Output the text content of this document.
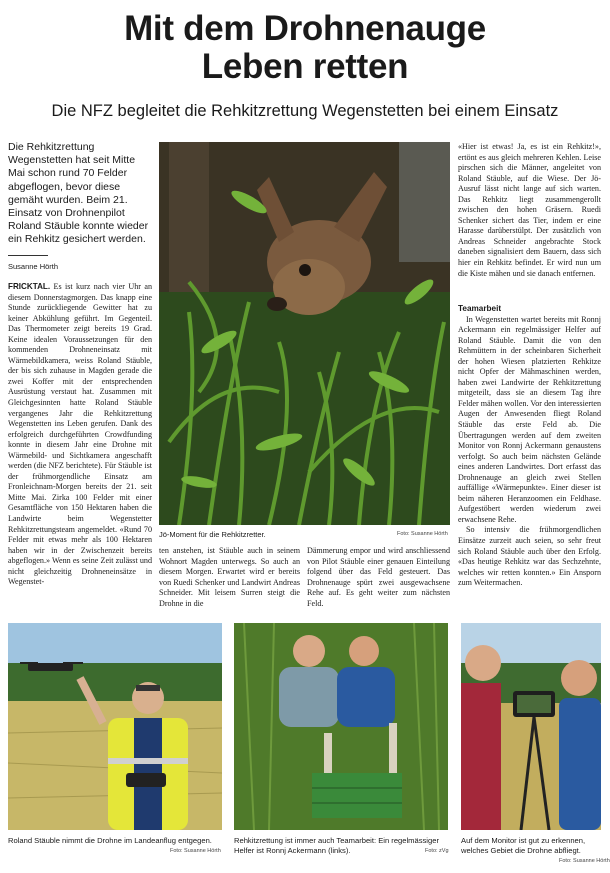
Mit dem Drohnenauge
Leben retten
Die NFZ begleitet die Rehkitzrettung Wegenstetten bei einem Einsatz
Die Rehkitzrettung Wegenstetten hat seit Mitte Mai schon rund 70 Felder abgeflogen, bevor diese gemäht wurden. Beim 21. Einsatz von Drohnenpilot Roland Stäuble konnte wieder ein Rehkitz gesichert werden.
Susanne Hörth
FRICKTAL. Es ist kurz nach vier Uhr an diesem Donnerstagmorgen. Das knapp eine Stunde zurückliegende Gewitter hat zu keiner Abkühlung geführt. Im Gegenteil. Das Thermometer zeigt bereits 19 Grad. Keine idealen Voraussetzungen für den kommenden Drohneneinsatz mit Wärmebildkamera, weiss Roland Stäuble, der bis sich zuhause in Magden gerade die zwei Koffer mit der entsprechenden Ausrüstung verstaut hat. Zusammen mit Gleichgesinnten hatte Roland Stäuble vergangenes Jahr die Rehkitzrettung Wegenstetten ins Leben gerufen. Dank des erfolgreich durchgeführten Crowdfunding konnte in diesem Jahr eine Drohne mit Wärmebild- und Sichtkamera angeschafft werden (die NFZ berichtete). Für Stäuble ist der frühmorgendliche Einsatz am Fronleichnam-Morgen bereits der 21. seit Mitte Mai. Zirka 100 Felder mit einer Gesamtfläche von 150 Hektaren haben die Landwirte beim Wegenstetter Rehkitzrettungsteam angemeldet. «Rund 70 Felder mit etwas mehr als 100 Hektaren haben wir in der Zwischenzeit bereits abgeflogen.» Wenn es seine Zeit zulässt und nicht gleichzeitig Drohneneinsätze in Wegenstet-
Jö-Moment für die Rehkitzretter.	Foto: Susanne Hörth
ten anstehen, ist Stäuble auch in seinem Wohnort Magden unterwegs. So auch an diesem Morgen. Erwartet wird er bereits von Ruedi Schenker und Landwirt Andreas Schneider. Mit leisem Surren steigt die Drohne in die
Dämmerung empor und wird anschliessend von Pilot Stäuble einer genauen Einteilung folgend über das Feld gesteuert. Das Drohnenauge spürt zwei ausgewachsene Rehe auf. Es geht weiter zum nächsten Feld.
«Hier ist etwas! Ja, es ist ein Rehkitz!», ertönt es aus gleich mehreren Kehlen. Leise pirschen sich die Männer, angeleitet von Roland Stäuble, auf die Wiese. Der Jö-Ausruf lässt nicht lange auf sich warten. Das Rehkitz liegt zusammengerollt zwischen den hohen Gräsern. Ruedi Schenker sichert das Tier, indem er eine Harasse darüberstülpt. Der zusätzlich von Andreas Schneider angebrachte Stock daneben signalisiert dem Bauern, dass sich hier ein Rehkitz befindet. Er wird nun um die Kiste mähen und sie danach entfernen.
Teamarbeit
In Wegenstetten wartet bereits mit Ronnj Ackermann ein regelmässiger Helfer auf Roland Stäuble. Damit die von den Rehmüttern in der scheinbaren Sicherheit der hohen Wiesen platzierten Rehkitze nicht Opfer der Mähmaschinen werden, haben zwei Landwirte der Rehkitzrettung mitgeteilt, dass sie an diesem Tag ihre Felder mähen wollen. Vor den interessierten Augen der Anwesenden fliegt Roland Stäuble das erste Feld ab. Die Übertragungen werden auf dem zweiten Monitor von Ronnj Ackermann genaustens verfolgt. So auch beim nächsten Gelände eines anderen Landwirtes. Dort erfasst das Drohnenauge an gleich zwei Stellen auffällige «Wärmepunkte». Einer dieser ist beim näheren Heranzoomen ein Feldhase. Aufgestöbert werden wiederum zwei erwachsene Rehe.
So intensiv die frühmorgendlichen Einsätze zurzeit auch seien, so sehr freut sich Roland Stäuble auch über den Erfolg. «Das heutige Rehkitz war das Sechzehnte, welches wir retten konnten.» Ein Ansporn zum Weitermachen.
Roland Stäuble nimmt die Drohne im Landeanflug entgegen.
Foto: Susanne Hörth
Rehkitzrettung ist immer auch Teamarbeit: Ein regelmässiger Helfer ist Ronnj Ackermann (links).	Foto: zVg
Auf dem Monitor ist gut zu erkennen, welches Gebiet die Drohne abfliegt.
Foto: Susanne Hörth
